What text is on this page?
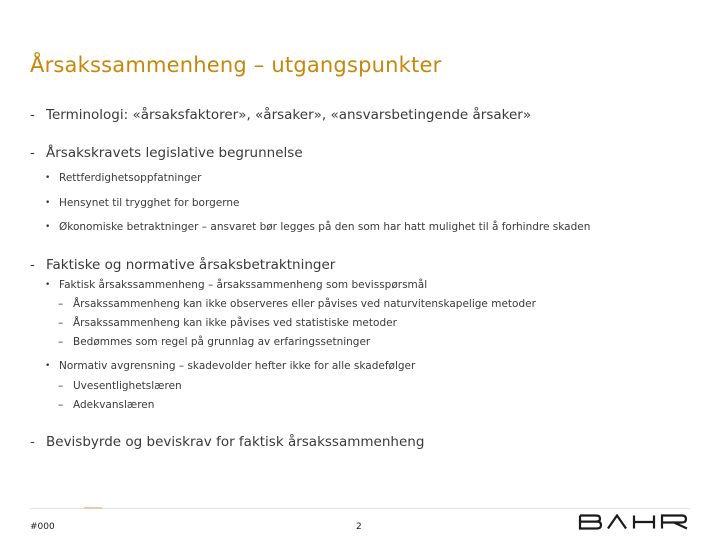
Årsakssammenheng – utgangspunkter
- Terminologi: «årsaksfaktorer», «årsaker», «ansvarsbetingende årsaker»
- Årsakskravets legislative begrunnelse
• Rettferdighetsoppfatninger
• Hensynet til trygghet for borgerne
• Økonomiske betraktninger – ansvaret bør legges på den som har hatt mulighet til å forhindre skaden
- Faktiske og normative årsaksbetraktninger
• Faktisk årsakssammenheng – årsakssammenheng som bevisspørsmål
– Årsakssammenheng kan ikke observeres eller påvises ved naturvitenskapelige metoder
– Årsakssammenheng kan ikke påvises ved statistiske metoder
– Bedømmes som regel på grunnlag av erfaringssetninger
• Normativ avgrensning – skadevolder hefter ikke for alle skadefølger
– Uvesentlighetslæren
– Adekvanslæren
- Bevisbyrde og beviskrav for faktisk årsakssammenheng
#000	2
